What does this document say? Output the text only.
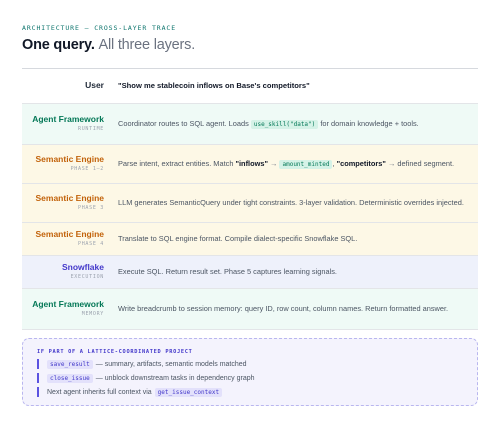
ARCHITECTURE — CROSS-LAYER TRACE
One query. All three layers.
User	"Show me stablecoin inflows on Base's competitors"
Agent Framework
RUNTIME
Coordinator routes to SQL agent. Loads use_skill("data") for domain knowledge + tools.
Semantic Engine
PHASE 1–2
Parse intent, extract entities. Match "inflows" → amount_minted , "competitors" → defined segment.
Semantic Engine
PHASE 3
LLM generates SemanticQuery under tight constraints. 3-layer validation. Deterministic overrides injected.
Semantic Engine
PHASE 4
Translate to SQL engine format. Compile dialect-specific Snowflake SQL.
Snowflake
EXECUTION
Execute SQL. Return result set. Phase 5 captures learning signals.
Agent Framework
MEMORY
Write breadcrumb to session memory: query ID, row count, column names. Return formatted answer.
IF PART OF A LATTICE-COORDINATED PROJECT
save_result — summary, artifacts, semantic models matched
close_issue — unblock downstream tasks in dependency graph
Next agent inherits full context via	get_issue_context
